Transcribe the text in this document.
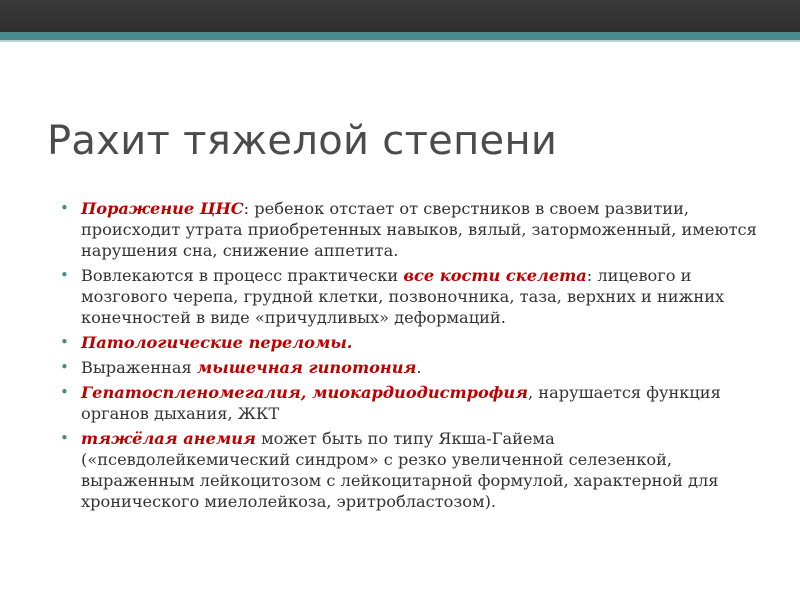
Рахит тяжелой степени
• Поражение ЦНС: ребенок отстает от сверстников в своем развитии, происходит утрата приобретенных навыков, вялый, заторможенный, имеются нарушения сна, снижение аппетита.
• Вовлекаются в процесс практически все кости скелета: лицевого и мозгового черепа, грудной клетки, позвоночника, таза, верхних и нижних конечностей в виде «причудливых» деформаций.
• Патологические переломы.
• Выраженная мышечная гипотония.
• Гепатоспленомегалия, миокардиодистрофия, нарушается функция органов дыхания, ЖКТ
• тяжёлая анемия может быть по типу Якша-Гайема («псевдолейкемический синдром» с резко увеличенной селезенкой, выраженным лейкоцитозом с лейкоцитарной формулой, характерной для хронического миелолейкоза, эритробластозом).
